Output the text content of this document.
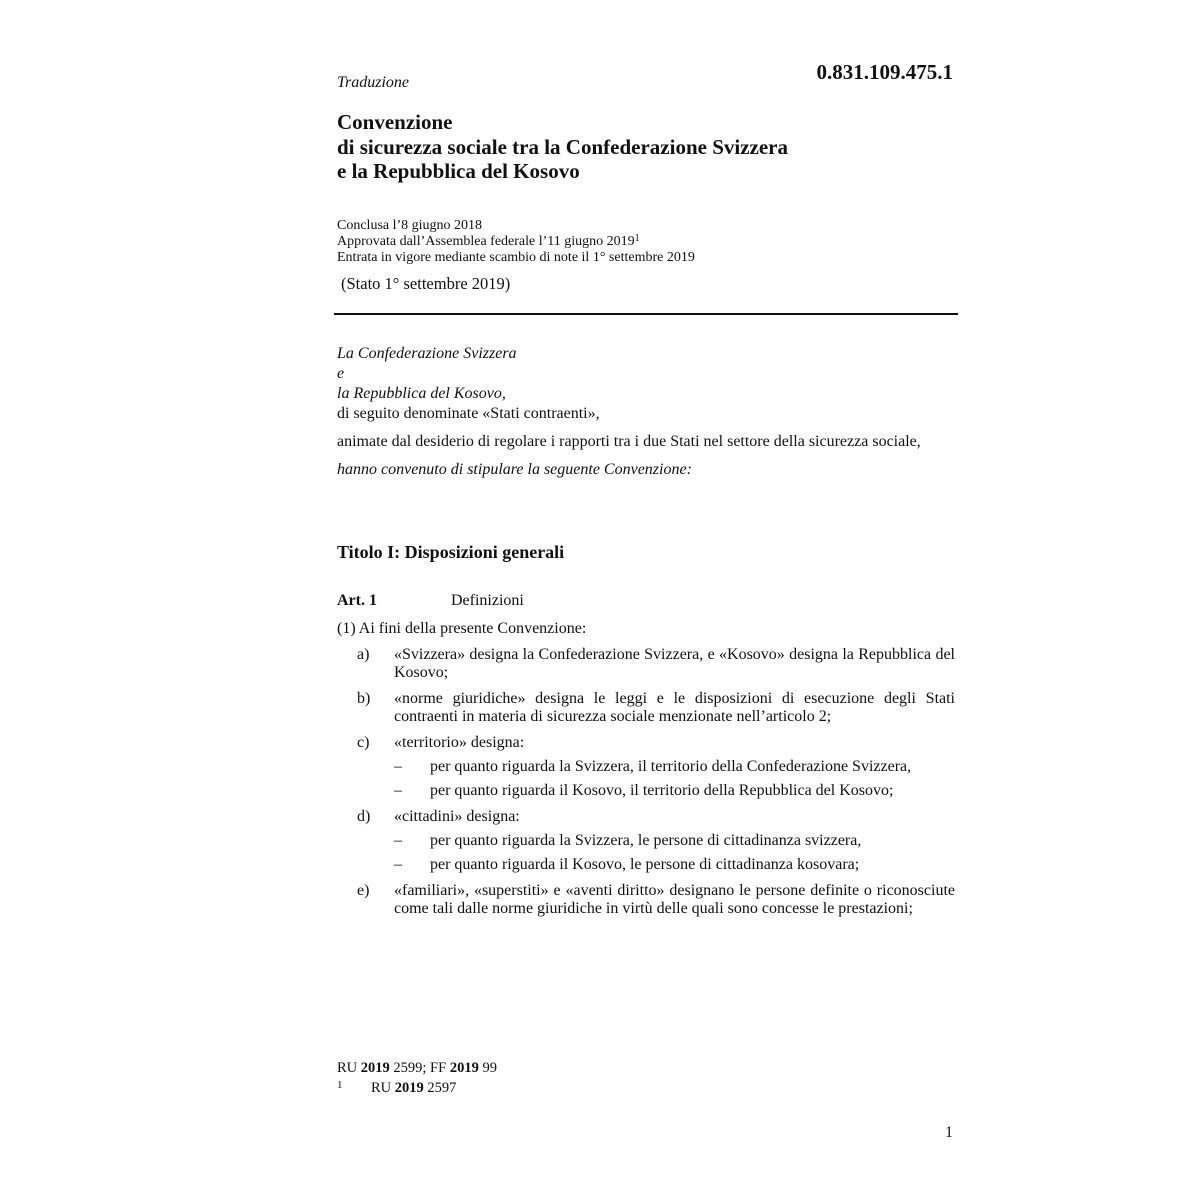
Traduzione	0.831.109.475.1
Convenzione
di sicurezza sociale tra la Confederazione Svizzera
e la Repubblica del Kosovo
Conclusa l’8 giugno 2018
Approvata dall’Assemblea federale l’11 giugno 2019$^1$
Entrata in vigore mediante scambio di note il 1° settembre 2019
(Stato 1° settembre 2019)
La Confederazione Svizzera
e
la Repubblica del Kosovo,
di seguito denominate «Stati contraenti»,
animate dal desiderio di regolare i rapporti tra i due Stati nel settore della sicurezza sociale,
hanno convenuto di stipulare la seguente Convenzione:
Titolo I: Disposizioni generali
Art. 1	Definizioni
(1) Ai fini della presente Convenzione:
a) «Svizzera» designa la Confederazione Svizzera, e «Kosovo» designa la Repubblica del Kosovo;
b) «norme giuridiche» designa le leggi e le disposizioni di esecuzione degli Stati contraenti in materia di sicurezza sociale menzionate nell’articolo 2;
c) «territorio» designa:
– per quanto riguarda la Svizzera, il territorio della Confederazione Svizzera,
– per quanto riguarda il Kosovo, il territorio della Repubblica del Kosovo;
d) «cittadini» designa:
– per quanto riguarda la Svizzera, le persone di cittadinanza svizzera,
– per quanto riguarda il Kosovo, le persone di cittadinanza kosovara;
e) «familiari», «superstiti» e «aventi diritto» designano le persone definite o riconosciute come tali dalle norme giuridiche in virtù delle quali sono concesse le prestazioni;
RU 2019 2599; FF 2019 99
1 RU 2019 2597
1
